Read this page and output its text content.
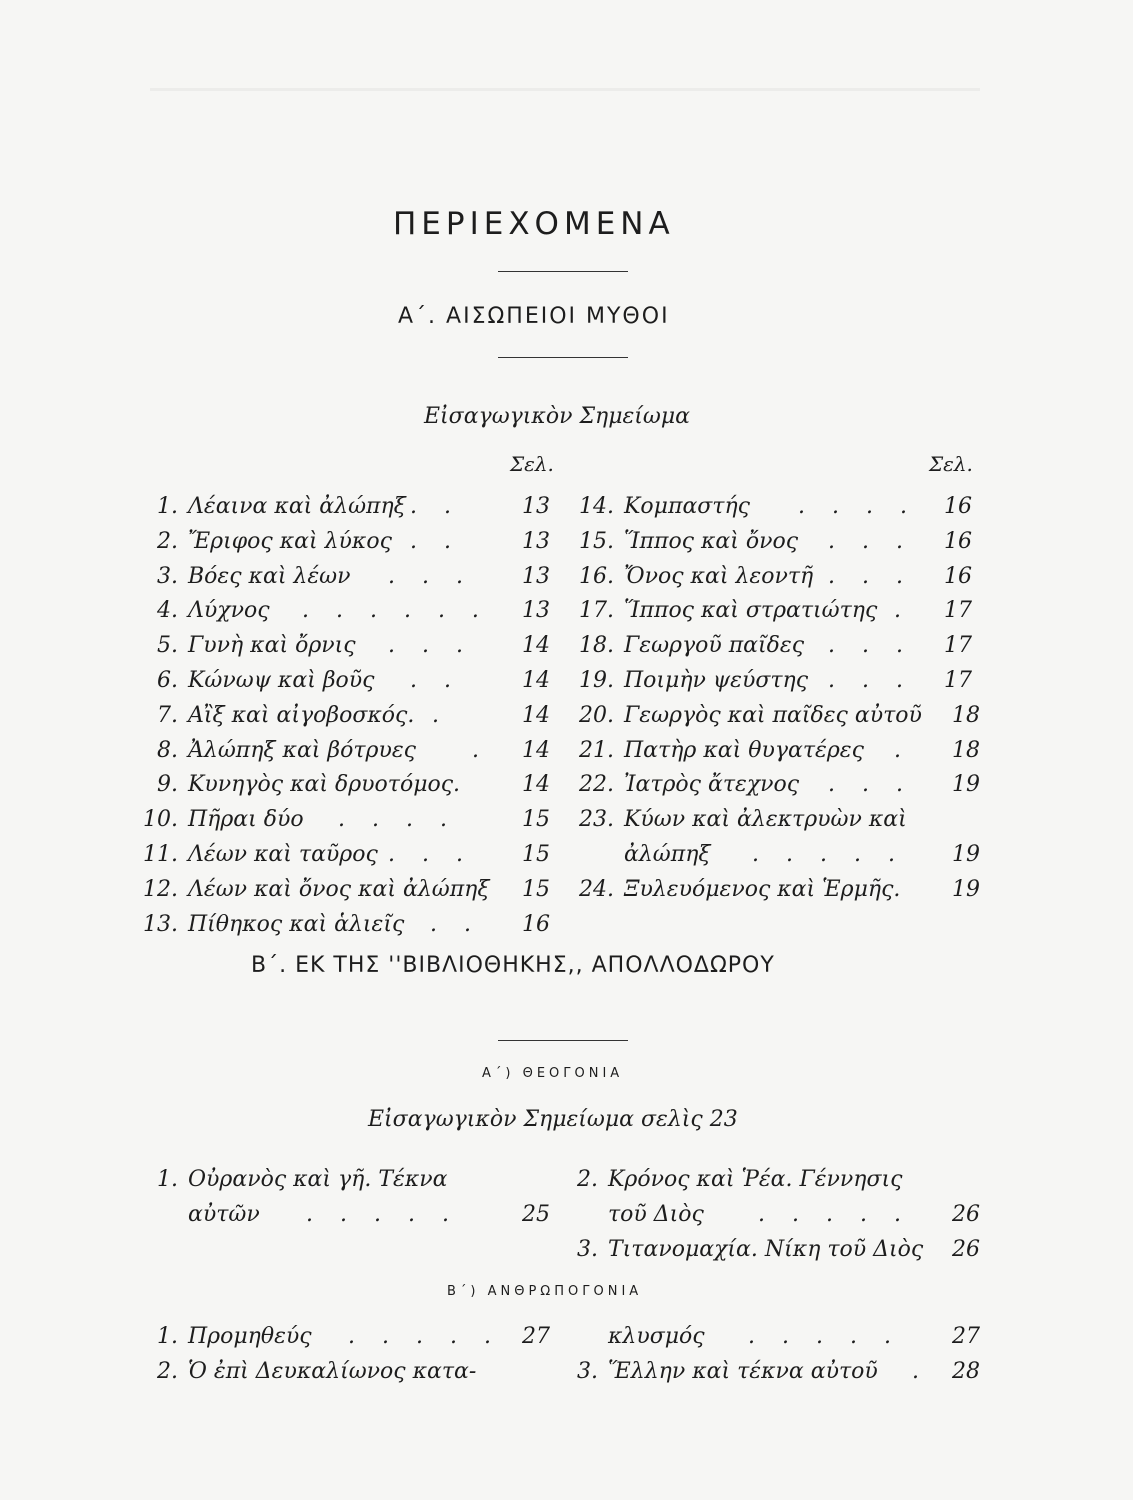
ΠΕΡΙΕΧΟΜΕΝΑ
Α΄. ΑΙΣΩΠΕΙΟΙ ΜΥΘΟΙ
Εἰσαγωγικὸν Σημείωμα
Σελ.	Σελ.
1. Λέαινα καὶ ἀλώπηξ . .	13
2. Ἔριφος καὶ λύκος . .	13
3. Βόες καὶ λέων . . . 13
4. Λύχνος . . . . . . 13
5. Γυνὴ καὶ ὄρνις . . . 14
6. Κώνωψ καὶ βοῦς . .	14
7. Αἲξ καὶ αἰγοβοσκός. .	14
8. Ἀλώπηξ καὶ βότρυες	. 14
9. Κυνηγὸς καὶ δρυοτόμος.	14
10. Πῆραι δύο . . . .	15
11. Λέων καὶ ταῦρος . . . 15
12. Λέων καὶ ὄνος καὶ ἀλώπηξ 15
13. Πίθηκος καὶ ἁλιεῖς . . 16
14. Κομπαστής . . . . 16
15. Ἵππος καὶ ὄνος . . . 16
16. Ὄνος καὶ λεοντῆ . . . 16
17. Ἵππος καὶ στρατιώτης . 17
18. Γεωργοῦ παῖδες . . . 17
19. Ποιμὴν ψεύστης . . . 17
20. Γεωργὸς καὶ παῖδες αὐτοῦ 18
21. Πατὴρ καὶ θυγατέρες . 18
22. Ἰατρὸς ἄτεχνος . . . 19
23. Κύων καὶ ἀλεκτρυὼν καὶ
ἀλώπηξ . . . . . 19
24. Ξυλευόμενος καὶ Ἑρμῆς. 19
Β΄. ΕΚ ΤΗΣ ''ΒΙΒΛΙΟΘΗΚΗΣ,, ΑΠΟΛΛΟΔΩΡΟΥ
Α΄) ΘΕΟΓΟΝΙΑ
Εἰσαγωγικὸν Σημείωμα σελὶς 23
1. Οὐρανὸς καὶ γῆ. Τέκνα
αὐτῶν . . . . .	25
2. Κρόνος καὶ Ῥέα. Γέννησις
τοῦ Διὸς . . . . . 26
3. Τιτανομαχία. Νίκη τοῦ Διὸς 26
Β΄) ΑΝΘΡΩΠΟΓΟΝΙΑ
1. Προμηθεύς . . . . . 27
2. Ὁ ἐπὶ Δευκαλίωνος κατα-
κλυσμός . . . . . 27
3. Ἕλλην καὶ τέκνα αὐτοῦ . 28
